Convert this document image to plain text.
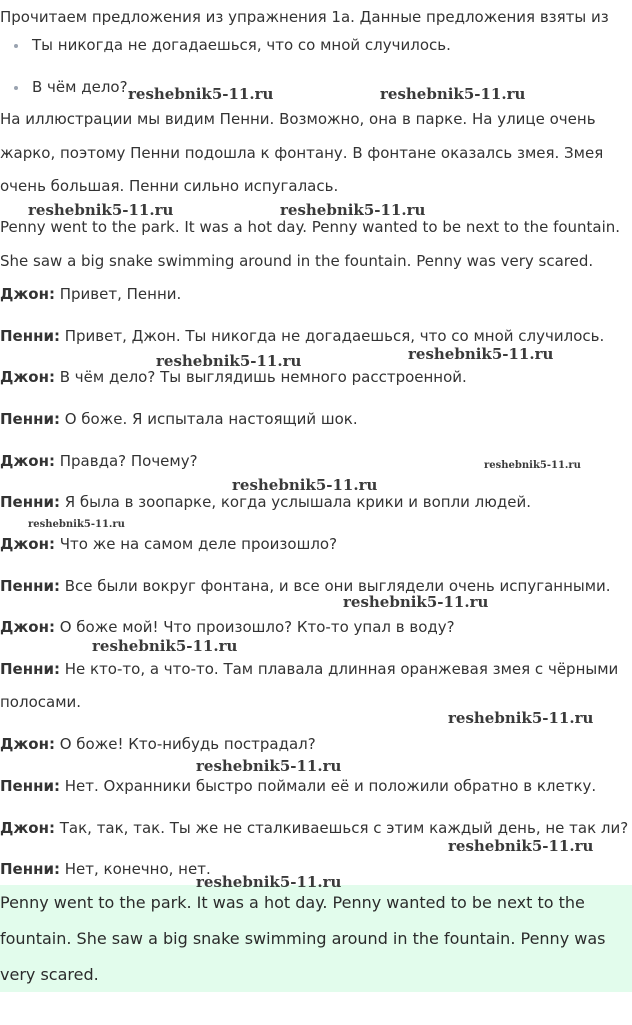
Прочитаем предложения из упражнения 1а. Данные предложения взяты из
Ты никогда не догадаешься, что со мной случилось.
В чём дело?
На иллюстрации мы видим Пенни. Возможно, она в парке. На улице очень
жарко, поэтому Пенни подошла к фонтану. В фонтане оказалсь змея. Змея
очень большая. Пенни сильно испугалась.
Penny went to the park. It was a hot day. Penny wanted to be next to the fountain.
She saw a big snake swimming around in the fountain. Penny was very scared.
Джон: Привет, Пенни.
Пенни: Привет, Джон. Ты никогда не догадаешься, что со мной случилось.
Джон: В чём дело? Ты выглядишь немного расстроенной.
Пенни: О боже. Я испытала настоящий шок.
Джон: Правда? Почему?
Пенни: Я была в зоопарке, когда услышала крики и вопли людей.
Джон: Что же на самом деле произошло?
Пенни: Все были вокруг фонтана, и все они выглядели очень испуганными.
Джон: О боже мой! Что произошло? Кто-то упал в воду?
Пенни: Не кто-то, а что-то. Там плавала длинная оранжевая змея с чёрными
полосами.
Джон: О боже! Кто-нибудь пострадал?
Пенни: Нет. Охранники быстро поймали её и положили обратно в клетку.
Джон: Так, так, так. Ты же не сталкиваешься с этим каждый день, не так ли?
Пенни: Нет, конечно, нет.
Penny went to the park. It was a hot day. Penny wanted to be next to the
fountain. She saw a big snake swimming around in the fountain. Penny was
very scared.
reshebnik5-11.ru	reshebnik5-11.ru
reshebnik5-11.ru	reshebnik5-11.ru
reshebnik5-11.ru	reshebnik5-11.ru
reshebnik5-11.ru
reshebnik5-11.ru
reshebnik5-11.ru
reshebnik5-11.ru
reshebnik5-11.ru
reshebnik5-11.ru
reshebnik5-11.ru
reshebnik5-11.ru
reshebnik5-11.ru
